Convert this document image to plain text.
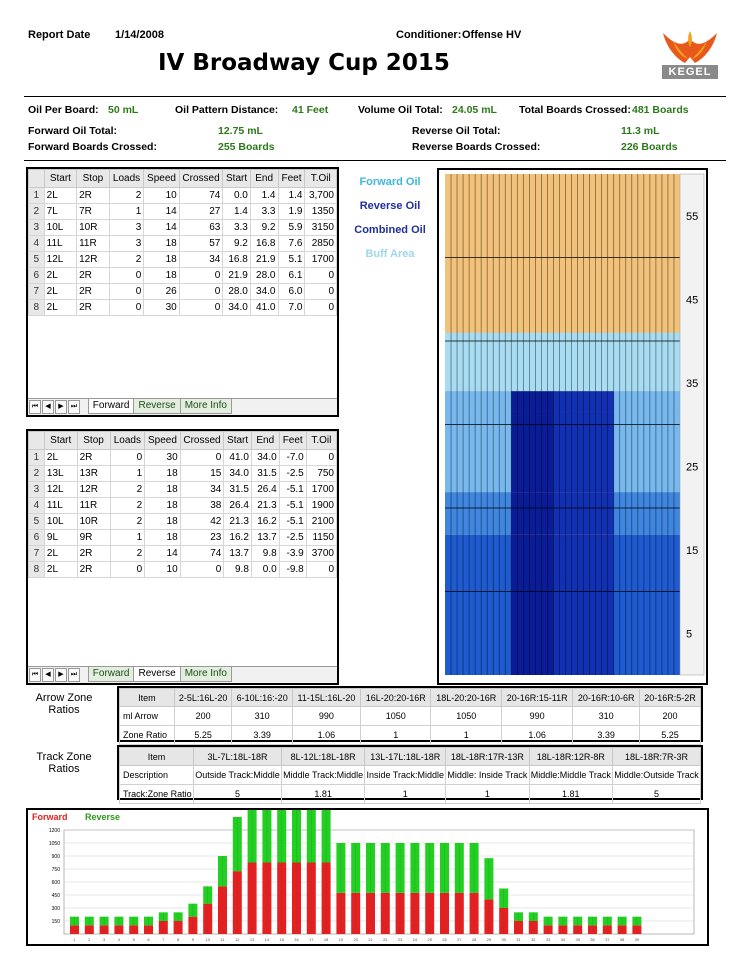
Report Date 1/14/2008	Conditioner: Offense HV
IV Broadway Cup 2015	KEGEL
Oil Per Board: 50 mL	Oil Pattern Distance: 41 Feet	Volume Oil Total: 24.05 mL Total Boards Crossed: 481 Boards
Forward Oil Total:	12.75 mL	Reverse Oil Total:	11.3 mL
Forward Boards Crossed:	255 Boards	Reverse Boards Crossed:	226 Boards
	Start	Stop	Loads	Speed	Crossed	Start	End	Feet	T.Oil
1	2L	2R	2	10	74	0.0	1.4	1.4	3,700
2	7L	7R	1	14	27	1.4	3.3	1.9	1350
3	10L	10R	3	14	63	3.3	9.2	5.9	3150
4	11L	11R	3	18	57	9.2	16.8	7.6	2850
5	12L	12R	2	18	34	16.8	21.9	5.1	1700
6	2L	2R	0	18	0	21.9	28.0	6.1	0
7	2L	2R	0	26	0	28.0	34.0	6.0	0
8	2L	2R	0	30	0	34.0	41.0	7.0	0
⏮ ◀ ▶ ⏭ Forward Reverse More Info
	Start	Stop	Loads	Speed	Crossed	Start	End	Feet	T.Oil
1	2L	2R	0	30	0	41.0	34.0	-7.0	0
2	13L	13R	1	18	15	34.0	31.5	-2.5	750
3	12L	12R	2	18	34	31.5	26.4	-5.1	1700
4	11L	11R	2	18	38	26.4	21.3	-5.1	1900
5	10L	10R	2	18	42	21.3	16.2	-5.1	2100
6	9L	9R	1	18	23	16.2	13.7	-2.5	1150
7	2L	2R	2	14	74	13.7	9.8	-3.9	3700
8	2L	2R	0	10	0	9.8	0.0	-9.8	0
⏮ ◀ ▶ ⏭ Forward Reverse More Info
Forward Oil
Reverse Oil
Combined Oil
Buff Area
55
45
35
25
15
5
Arrow Zone Ratios
Item	2-5L:16L-20	6-10L:16:-20	11-15L:16L-20	16L-20:20-16R	18L-20:20-16R	20-16R:15-11R	20-16R:10-6R	20-16R:5-2R
ml Arrow	200	310	990	1050	1050	990	310	200
Zone Ratio	5.25	3.39	1.06	1	1	1.06	3.39	5.25
Track Zone Ratios
Item	3L-7L:18L-18R	8L-12L:18L-18R	13L-17L:18L-18R	18L-18R:17R-13R	18L-18R:12R-8R	18L-18R:7R-3R
Description	Outside Track:Middle	Middle Track:Middle	Inside Track:Middle	Middle: Inside Track	Middle:Middle Track	Middle:Outside Track
Track:Zone Ratio	5	1.81	1	1	1.81	5
Forward Reverse
1200
1050
900
750
600
450
300
150
1	2	3	4	5	6	7	8	9	10	11	12	13	14	15	16	17	18	19	20	21	22	23	24	25	26	27	28	29	30	31	32	33	34	35	36	37	38	39
